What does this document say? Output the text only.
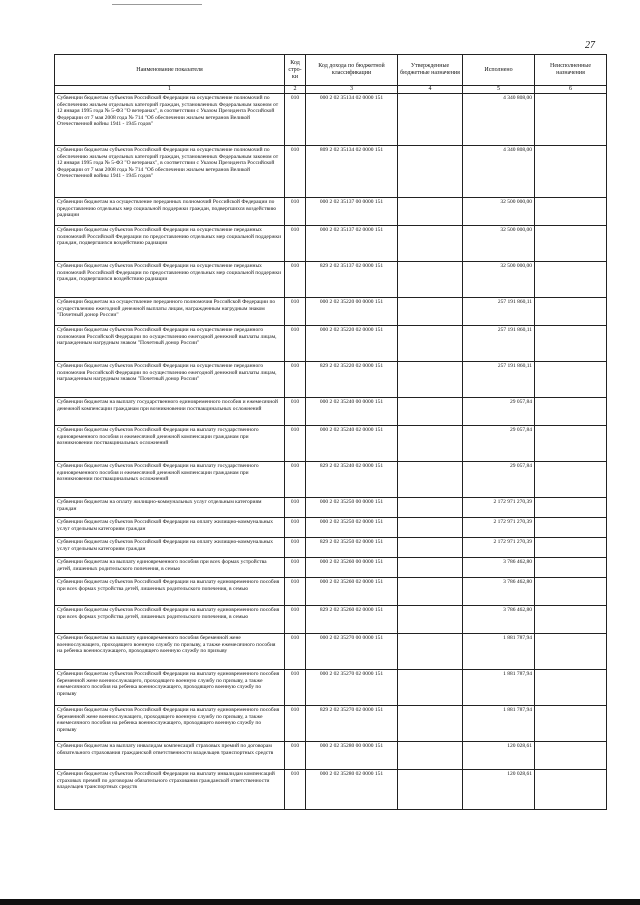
27
Наименование показателя	Код стро-ки	Код дохода по бюджетной классификации	Утвержденные бюджетные назначения	Исполнено	Неисполненные назначения
1	2	3	4	5	6
Субвенции бюджетам субъектов Российской Федерации на осуществление полномочий по обеспечению жильем отдельных категорий граждан, установленных Федеральным законом от 12 января 1995 года № 5-ФЗ "О ветеранах", в соответствии с Указом Президента Российской Федерации от 7 мая 2008 года № 714 "Об обеспечении жильем ветеранов Великой Отечественной войны 1941 - 1945 годов"	010	000 2 02 35134 02 0000 151		4 340 808,00	
Субвенции бюджетам субъектов Российской Федерации на осуществление полномочий по обеспечению жильем отдельных категорий граждан, установленных Федеральным законом от 12 января 1995 года № 5-ФЗ "О ветеранах", в соответствии с Указом Президента Российской Федерации от 7 мая 2008 года № 714 "Об обеспечении жильем ветеранов Великой Отечественной войны 1941 - 1945 годов"	010	809 2 02 35134 02 0000 151		4 340 808,00	
Субвенции бюджетам на осуществление переданных полномочий Российской Федерации по предоставлению отдельных мер социальной поддержки граждан, подвергшихся воздействию радиации	010	000 2 02 35137 00 0000 151		32 500 000,00	
Субвенции бюджетам субъектов Российской Федерации на осуществление переданных полномочий Российской Федерации по предоставлению отдельных мер социальной поддержки граждан, подвергшихся воздействию радиации	010	000 2 02 35137 02 0000 151		32 500 000,00	
Субвенции бюджетам субъектов Российской Федерации на осуществление переданных полномочий Российской Федерации по предоставлению отдельных мер социальной поддержки граждан, подвергшихся воздействию радиации	010	829 2 02 35137 02 0000 151		32 500 000,00	
Субвенции бюджетам на осуществление переданного полномочия Российской Федерации по осуществлению ежегодной денежной выплаты лицам, награжденным нагрудным знаком "Почетный донор России"	010	000 2 02 35220 00 0000 151		257 191 860,11	
Субвенции бюджетам субъектов Российской Федерации на осуществление переданного полномочия Российской Федерации по осуществлению ежегодной денежной выплаты лицам, награжденным нагрудным знаком "Почетный донор России"	010	000 2 02 35220 02 0000 151		257 191 860,11	
Субвенции бюджетам субъектов Российской Федерации на осуществление переданного полномочия Российской Федерации по осуществлению ежегодной денежной выплаты лицам, награжденным нагрудным знаком "Почетный донор России"	010	829 2 02 35220 02 0000 151		257 191 860,11	
Субвенции бюджетам на выплату государственного единовременного пособия и ежемесячной денежной компенсации гражданам при возникновении поствакцинальных осложнений	010	000 2 02 35240 00 0000 151		29 057,84	
Субвенции бюджетам субъектов Российской Федерации на выплату государственного единовременного пособия и ежемесячной денежной компенсации гражданам при возникновении поствакцинальных осложнений	010	000 2 02 35240 02 0000 151		29 057,84	
Субвенции бюджетам субъектов Российской Федерации на выплату государственного единовременного пособия и ежемесячной денежной компенсации гражданам при возникновении поствакцинальных осложнений	010	829 2 02 35240 02 0000 151		29 057,84	
Субвенции бюджетам на оплату жилищно-коммунальных услуг отдельным категориям граждан	010	000 2 02 35250 00 0000 151		2 172 971 270,39	
Субвенции бюджетам субъектов Российской Федерации на оплату жилищно-коммунальных услуг отдельным категориям граждан	010	000 2 02 35250 02 0000 151		2 172 971 270,39	
Субвенции бюджетам субъектов Российской Федерации на оплату жилищно-коммунальных услуг отдельным категориям граждан	010	829 2 02 35250 02 0000 151		2 172 971 270,39	
Субвенции бюджетам на выплату единовременного пособия при всех формах устройства детей, лишенных родительского попечения, в семью	010	000 2 02 35260 00 0000 151		3 786 462,80	
Субвенции бюджетам субъектов Российской Федерации на выплату единовременного пособия при всех формах устройства детей, лишенных родительского попечения, в семью	010	000 2 02 35260 02 0000 151		3 786 462,80	
Субвенции бюджетам субъектов Российской Федерации на выплату единовременного пособия при всех формах устройства детей, лишенных родительского попечения, в семью	010	829 2 02 35260 02 0000 151		3 786 462,80	
Субвенции бюджетам на выплату единовременного пособия беременной жене военнослужащего, проходящего военную службу по призыву, а также ежемесячного пособия на ребенка военнослужащего, проходящего военную службу по призыву	010	000 2 02 35270 00 0000 151		1 881 787,94	
Субвенции бюджетам субъектов Российской Федерации на выплату единовременного пособия беременной жене военнослужащего, проходящего военную службу по призыву, а также ежемесячного пособия на ребенка военнослужащего, проходящего военную службу по призыву	010	000 2 02 35270 02 0000 151		1 881 787,94	
Субвенции бюджетам субъектов Российской Федерации на выплату единовременного пособия беременной жене военнослужащего, проходящего военную службу по призыву, а также ежемесячного пособия на ребенка военнослужащего, проходящего военную службу по призыву	010	829 2 02 35270 02 0000 151		1 881 787,94	
Субвенции бюджетам на выплату инвалидам компенсаций страховых премий по договорам обязательного страхования гражданской ответственности владельцев транспортных средств	010	000 2 02 35280 00 0000 151		120 028,61	
Субвенции бюджетам субъектов Российской Федерации на выплату инвалидам компенсаций страховых премий по договорам обязательного страхования гражданской ответственности владельцев транспортных средств	010	000 2 02 35280 02 0000 151		120 028,61	
